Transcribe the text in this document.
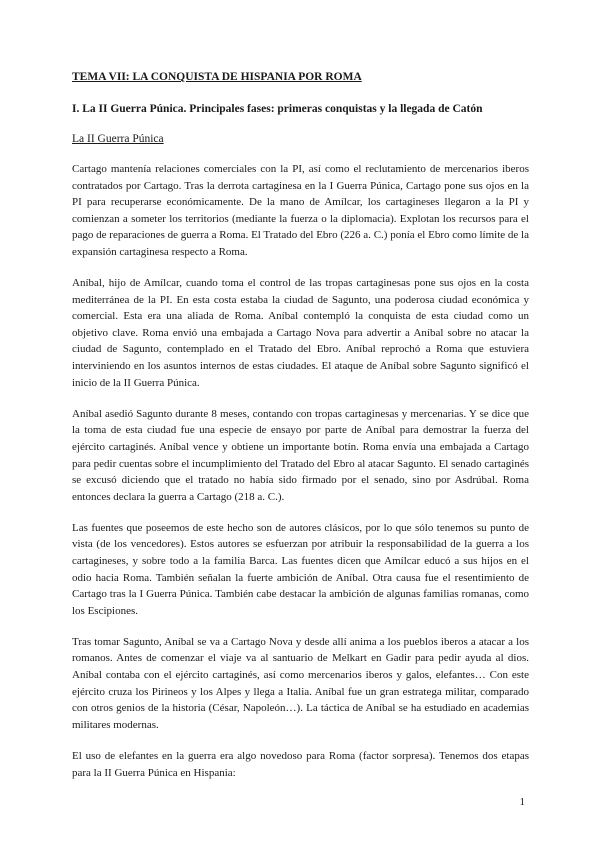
TEMA VII: LA CONQUISTA DE HISPANIA POR ROMA
I. La II Guerra Púnica. Principales fases: primeras conquistas y la llegada de Catón
La II Guerra Púnica

Cartago mantenía relaciones comerciales con la PI, así como el reclutamiento de mercenarios iberos contratados por Cartago. Tras la derrota cartaginesa en la I Guerra Púnica, Cartago pone sus ojos en la PI para recuperarse económicamente. De la mano de Amílcar, los cartagineses llegaron a la PI y comienzan a someter los territorios (mediante la fuerza o la diplomacia). Explotan los recursos para el pago de reparaciones de guerra a Roma. El Tratado del Ebro (226 a. C.) ponía el Ebro como límite de la expansión cartaginesa respecto a Roma.

Aníbal, hijo de Amílcar, cuando toma el control de las tropas cartaginesas pone sus ojos en la costa mediterránea de la PI. En esta costa estaba la ciudad de Sagunto, una poderosa ciudad económica y comercial. Esta era una aliada de Roma. Aníbal contempló la conquista de esta ciudad como un objetivo clave. Roma envió una embajada a Cartago Nova para advertir a Aníbal sobre no atacar la ciudad de Sagunto, contemplado en el Tratado del Ebro. Aníbal reprochó a Roma que estuviera interviniendo en los asuntos internos de estas ciudades. El ataque de Aníbal sobre Sagunto significó el inicio de la II Guerra Púnica.

Aníbal asedió Sagunto durante 8 meses, contando con tropas cartaginesas y mercenarias. Y se dice que la toma de esta ciudad fue una especie de ensayo por parte de Aníbal para demostrar la fuerza del ejército cartaginés. Aníbal vence y obtiene un importante botín. Roma envía una embajada a Cartago para pedir cuentas sobre el incumplimiento del Tratado del Ebro al atacar Sagunto. El senado cartaginés se excusó diciendo que el tratado no había sido firmado por el senado, sino por Asdrúbal. Roma entonces declara la guerra a Cartago (218 a. C.).

Las fuentes que poseemos de este hecho son de autores clásicos, por lo que sólo tenemos su punto de vista (de los vencedores). Estos autores se esfuerzan por atribuir la responsabilidad de la guerra a los cartagineses, y sobre todo a la familia Barca. Las fuentes dicen que Amílcar educó a sus hijos en el odio hacia Roma. También señalan la fuerte ambición de Aníbal. Otra causa fue el resentimiento de Cartago tras la I Guerra Púnica. También cabe destacar la ambición de algunas familias romanas, como los Escipiones.

Tras tomar Sagunto, Aníbal se va a Cartago Nova y desde allí anima a los pueblos iberos a atacar a los romanos. Antes de comenzar el viaje va al santuario de Melkart en Gadir para pedir ayuda al dios. Aníbal contaba con el ejército cartaginés, así como mercenarios iberos y galos, elefantes… Con este ejército cruza los Pirineos y los Alpes y llega a Italia. Aníbal fue un gran estratega militar, comparado con otros genios de la historia (César, Napoleón…). La táctica de Aníbal se ha estudiado en academias militares modernas.

El uso de elefantes en la guerra era algo novedoso para Roma (factor sorpresa). Tenemos dos etapas para la II Guerra Púnica en Hispania:

1
